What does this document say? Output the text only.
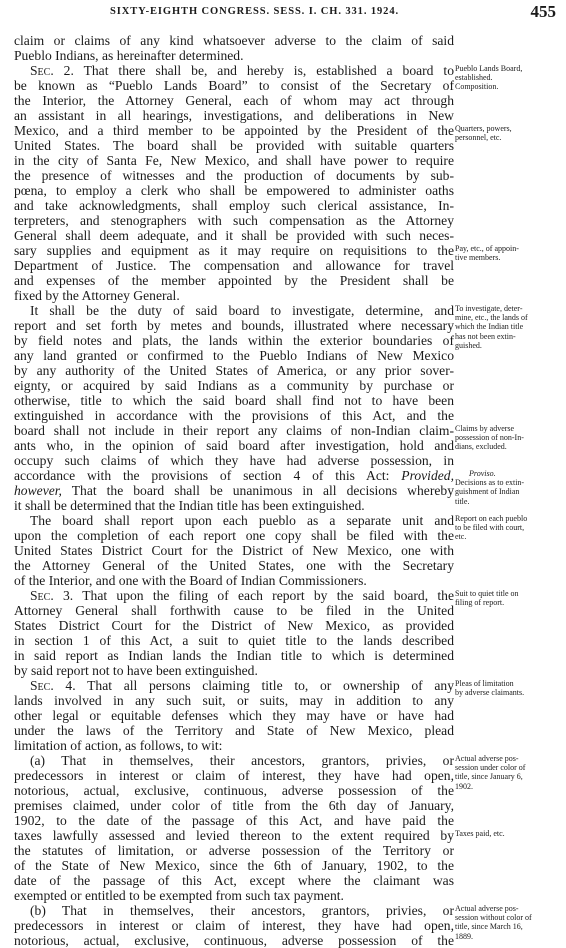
SIXTY-EIGHTH CONGRESS. SESS. I. CH. 331. 1924.	455
claim or claims of any kind whatsoever adverse to the claim of said
Pueblo Indians, as hereinafter determined.
Sec. 2. That there shall be, and hereby is, established a board to
be known as “Pueblo Lands Board” to consist of the Secretary of
the Interior, the Attorney General, each of whom may act through
an assistant in all hearings, investigations, and deliberations in New
Mexico, and a third member to be appointed by the President of the
United States. The board shall be provided with suitable quarters
in the city of Santa Fe, New Mexico, and shall have power to require
the presence of witnesses and the production of documents by sub-
pœna, to employ a clerk who shall be empowered to administer oaths
and take acknowledgments, shall employ such clerical assistance, In-
terpreters, and stenographers with such compensation as the Attorney
General shall deem adequate, and it shall be provided with such neces-
sary supplies and equipment as it may require on requisitions to the
Department of Justice. The compensation and allowance for travel
and expenses of the member appointed by the President shall be
fixed by the Attorney General.
It shall be the duty of said board to investigate, determine, and
report and set forth by metes and bounds, illustrated where necessary
by field notes and plats, the lands within the exterior boundaries of
any land granted or confirmed to the Pueblo Indians of New Mexico
by any authority of the United States of America, or any prior sover-
eignty, or acquired by said Indians as a community by purchase or
otherwise, title to which the said board shall find not to have been
extinguished in accordance with the provisions of this Act, and the
board shall not include in their report any claims of non-Indian claim-
ants who, in the opinion of said board after investigation, hold and
occupy such claims of which they have had adverse possession, in
accordance with the provisions of section 4 of this Act: Provided,
however, That the board shall be unanimous in all decisions whereby
it shall be determined that the Indian title has been extinguished.
The board shall report upon each pueblo as a separate unit and
upon the completion of each report one copy shall be filed with the
United States District Court for the District of New Mexico, one with
the Attorney General of the United States, one with the Secretary
of the Interior, and one with the Board of Indian Commissioners.
Sec. 3. That upon the filing of each report by the said board, the
Attorney General shall forthwith cause to be filed in the United
States District Court for the District of New Mexico, as provided
in section 1 of this Act, a suit to quiet title to the lands described
in said report as Indian lands the Indian title to which is determined
by said report not to have been extinguished.
Sec. 4. That all persons claiming title to, or ownership of any
lands involved in any such suit, or suits, may in addition to any
other legal or equitable defenses which they may have or have had
under the laws of the Territory and State of New Mexico, plead
limitation of action, as follows, to wit:
(a) That in themselves, their ancestors, grantors, privies, or
predecessors in interest or claim of interest, they have had open,
notorious, actual, exclusive, continuous, adverse possession of the
premises claimed, under color of title from the 6th day of January,
1902, to the date of the passage of this Act, and have paid the
taxes lawfully assessed and levied thereon to the extent required by
the statutes of limitation, or adverse possession of the Territory or
of the State of New Mexico, since the 6th of January, 1902, to the
date of the passage of this Act, except where the claimant was
exempted or entitled to be exempted from such tax payment.
(b) That in themselves, their ancestors, grantors, privies, or
predecessors in interest or claim of interest, they have had open,
notorious, actual, exclusive, continuous, adverse possession of the
Pueblo Lands Board,
established.
Composition.
Quarters, powers,
personnel, etc.
Pay, etc., of appoin-
tive members.
To investigate, deter-
mine, etc., the lands of
which the Indian title
has not been extin-
guished.
Claims by adverse
possession of non-In-
dians, excluded.
Proviso.
Decisions as to extin-
guishment of Indian
title.
Report on each pueblo
to be filed with court,
etc.
Suit to quiet title on
filing of report.
Pleas of limitation
by adverse claimants.
Actual adverse pos-
session under color of
title, since January 6,
1902.
Taxes paid, etc.
Actual adverse pos-
session without color of
title, since March 16,
1889.
